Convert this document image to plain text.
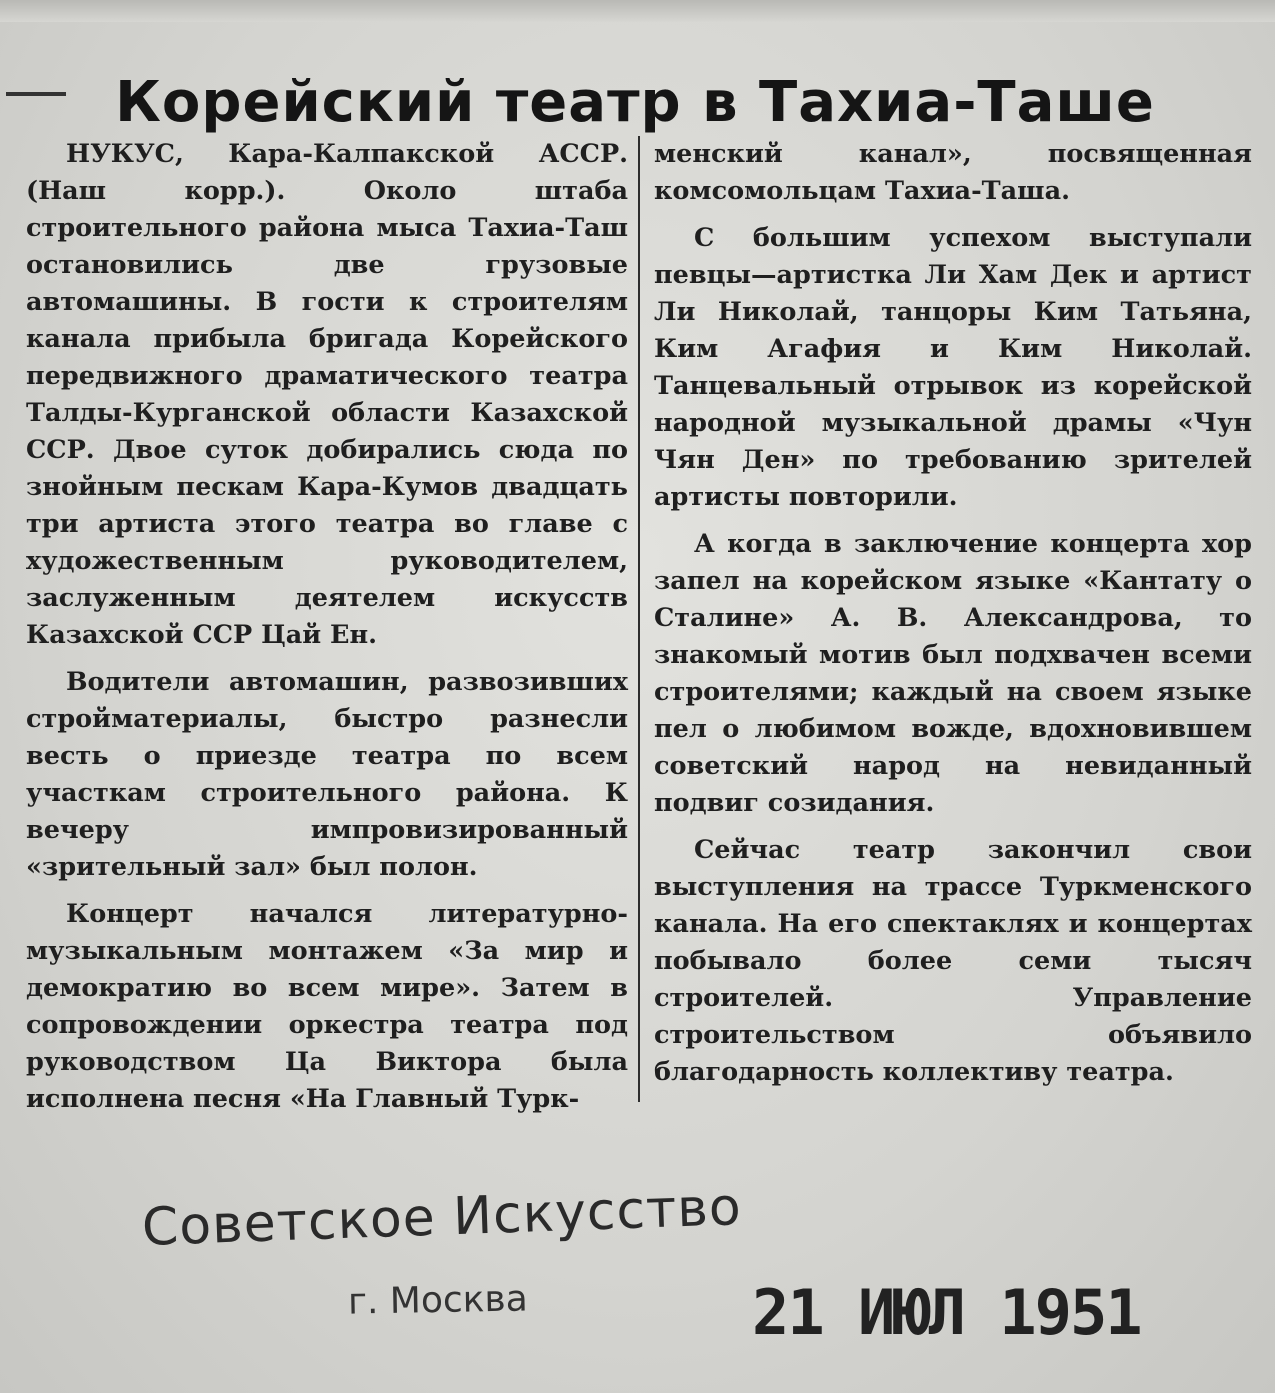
Корейский театр в Тахиа-Таше

НУКУС, Кара-Калпакской АССР. (Наш корр.). Около штаба строительного района мыса Тахиа-Таш остановились две грузовые автомашины. В гости к строителям канала прибыла бригада Корейского передвижного драматического театра Талды-Курганской области Казахской ССР. Двое суток добирались сюда по знойным пескам Кара-Кумов двадцать три артиста этого театра во главе с художественным руководителем, заслуженным деятелем искусств Казахской ССР Цай Ен.

Водители автомашин, развозивших стройматериалы, быстро разнесли весть о приезде театра по всем участкам строительного района. К вечеру импровизированный «зрительный зал» был полон.

Концерт начался литературно-музыкальным монтажем «За мир и демократию во всем мире». Затем в сопровождении оркестра театра под руководством Ца Виктора была исполнена песня «На Главный Турк-

менский канал», посвященная комсомольцам Тахиа-Таша.

С большим успехом выступали певцы—артистка Ли Хам Дек и артист Ли Николай, танцоры Ким Татьяна, Ким Агафия и Ким Николай. Танцевальный отрывок из корейской народной музыкальной драмы «Чун Чян Ден» по требованию зрителей артисты повторили.

А когда в заключение концерта хор запел на корейском языке «Кантату о Сталине» А. В. Александрова, то знакомый мотив был подхвачен всеми строителями; каждый на своем языке пел о любимом вожде, вдохновившем советский народ на невиданный подвиг созидания.

Сейчас театр закончил свои выступления на трассе Туркменского канала. На его спектаклях и концертах побывало более семи тысяч строителей. Управление строительством объявило благодарность коллективу театра.

Советское Искусство
г. Москва	21 ИЮЛ 1951
